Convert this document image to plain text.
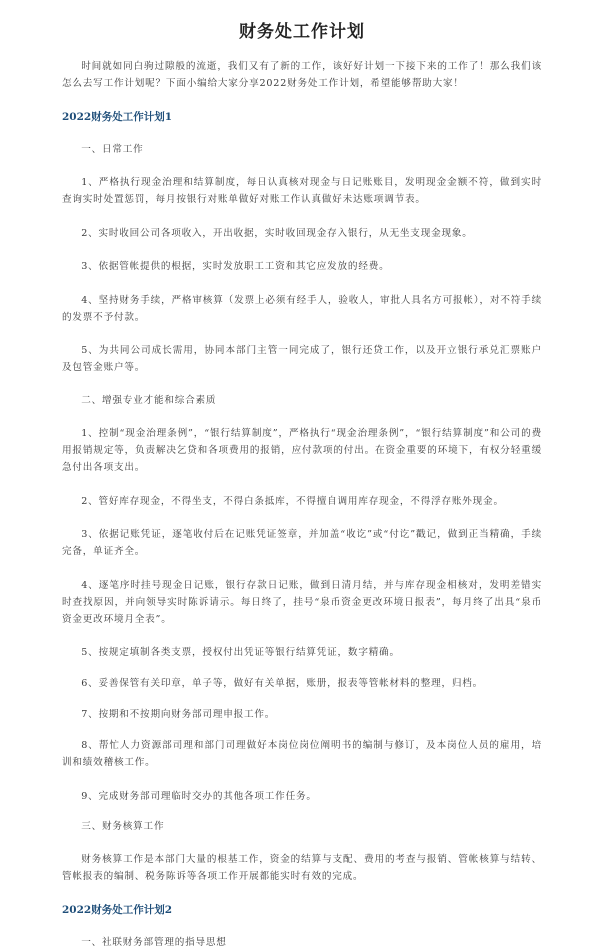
财务处工作计划

时间就如同白驹过隙般的流逝，我们又有了新的工作，该好好计划一下接下来的工作了！那么我们该怎么去写工作计划呢？下面小编给大家分享2022财务处工作计划，希望能够帮助大家！

2022财务处工作计划1
一、日常工作

1、严格执行现金治理和结算制度，每日认真核对现金与日记账账目，发明现金金额不符，做到实时查询实时处置惩罚，每月按银行对账单做好对账工作认真做好未达账项调节表。

2、实时收回公司各项收入，开出收据，实时收回现金存入银行，从无坐支现金现象。

3、依据管帐提供的根据，实时发放职工工资和其它应发放的经费。

4、坚持财务手续，严格审核算（发票上必须有经手人，验收人，审批人具名方可报帐），对不符手续的发票不予付款。

5、为共同公司成长需用，协同本部门主管一同完成了，银行还贷工作，以及开立银行承兑汇票账户及包管金账户等。

二、增强专业才能和综合素质

1、控制“现金治理条例”，“银行结算制度”，严格执行“现金治理条例”，“银行结算制度”和公司的费用报销规定等，负责解决乞贷和各项费用的报销，应付款项的付出。在资金重要的环境下，有权分轻重缓急付出各项支出。

2、管好库存现金，不得坐支，不得白条抵库，不得擅自调用库存现金，不得浮存账外现金。

3、依据记账凭证，逐笔收付后在记账凭证签章，并加盖“收讫”或“付讫”戳记，做到正当精确，手续完备，单证齐全。

4、逐笔序时挂号现金日记账，银行存款日记账，做到日清月结，并与库存现金相核对，发明差错实时查找原因，并向领导实时陈诉请示。每日终了，挂号“泉币资金更改环境日报表”，每月终了出具“泉币资金更改环境月全表”。

5、按规定填制各类支票，授权付出凭证等银行结算凭证，数字精确。

6、妥善保管有关印章，单子等，做好有关单据，账册，报表等管帐材料的整理，归档。

7、按期和不按期向财务部司理申报工作。

8、帮忙人力资源部司理和部门司理做好本岗位岗位阐明书的编制与修订，及本岗位人员的雇用，培训和绩效稽核工作。

9、完成财务部司理临时交办的其他各项工作任务。

三、财务核算工作

财务核算工作是本部门大量的根基工作，资金的结算与支配、费用的考查与报销、管帐核算与结转、管帐报表的编制、税务陈诉等各项工作开展都能实时有效的完成。

2022财务处工作计划2
一、社联财务部管理的指导思想
